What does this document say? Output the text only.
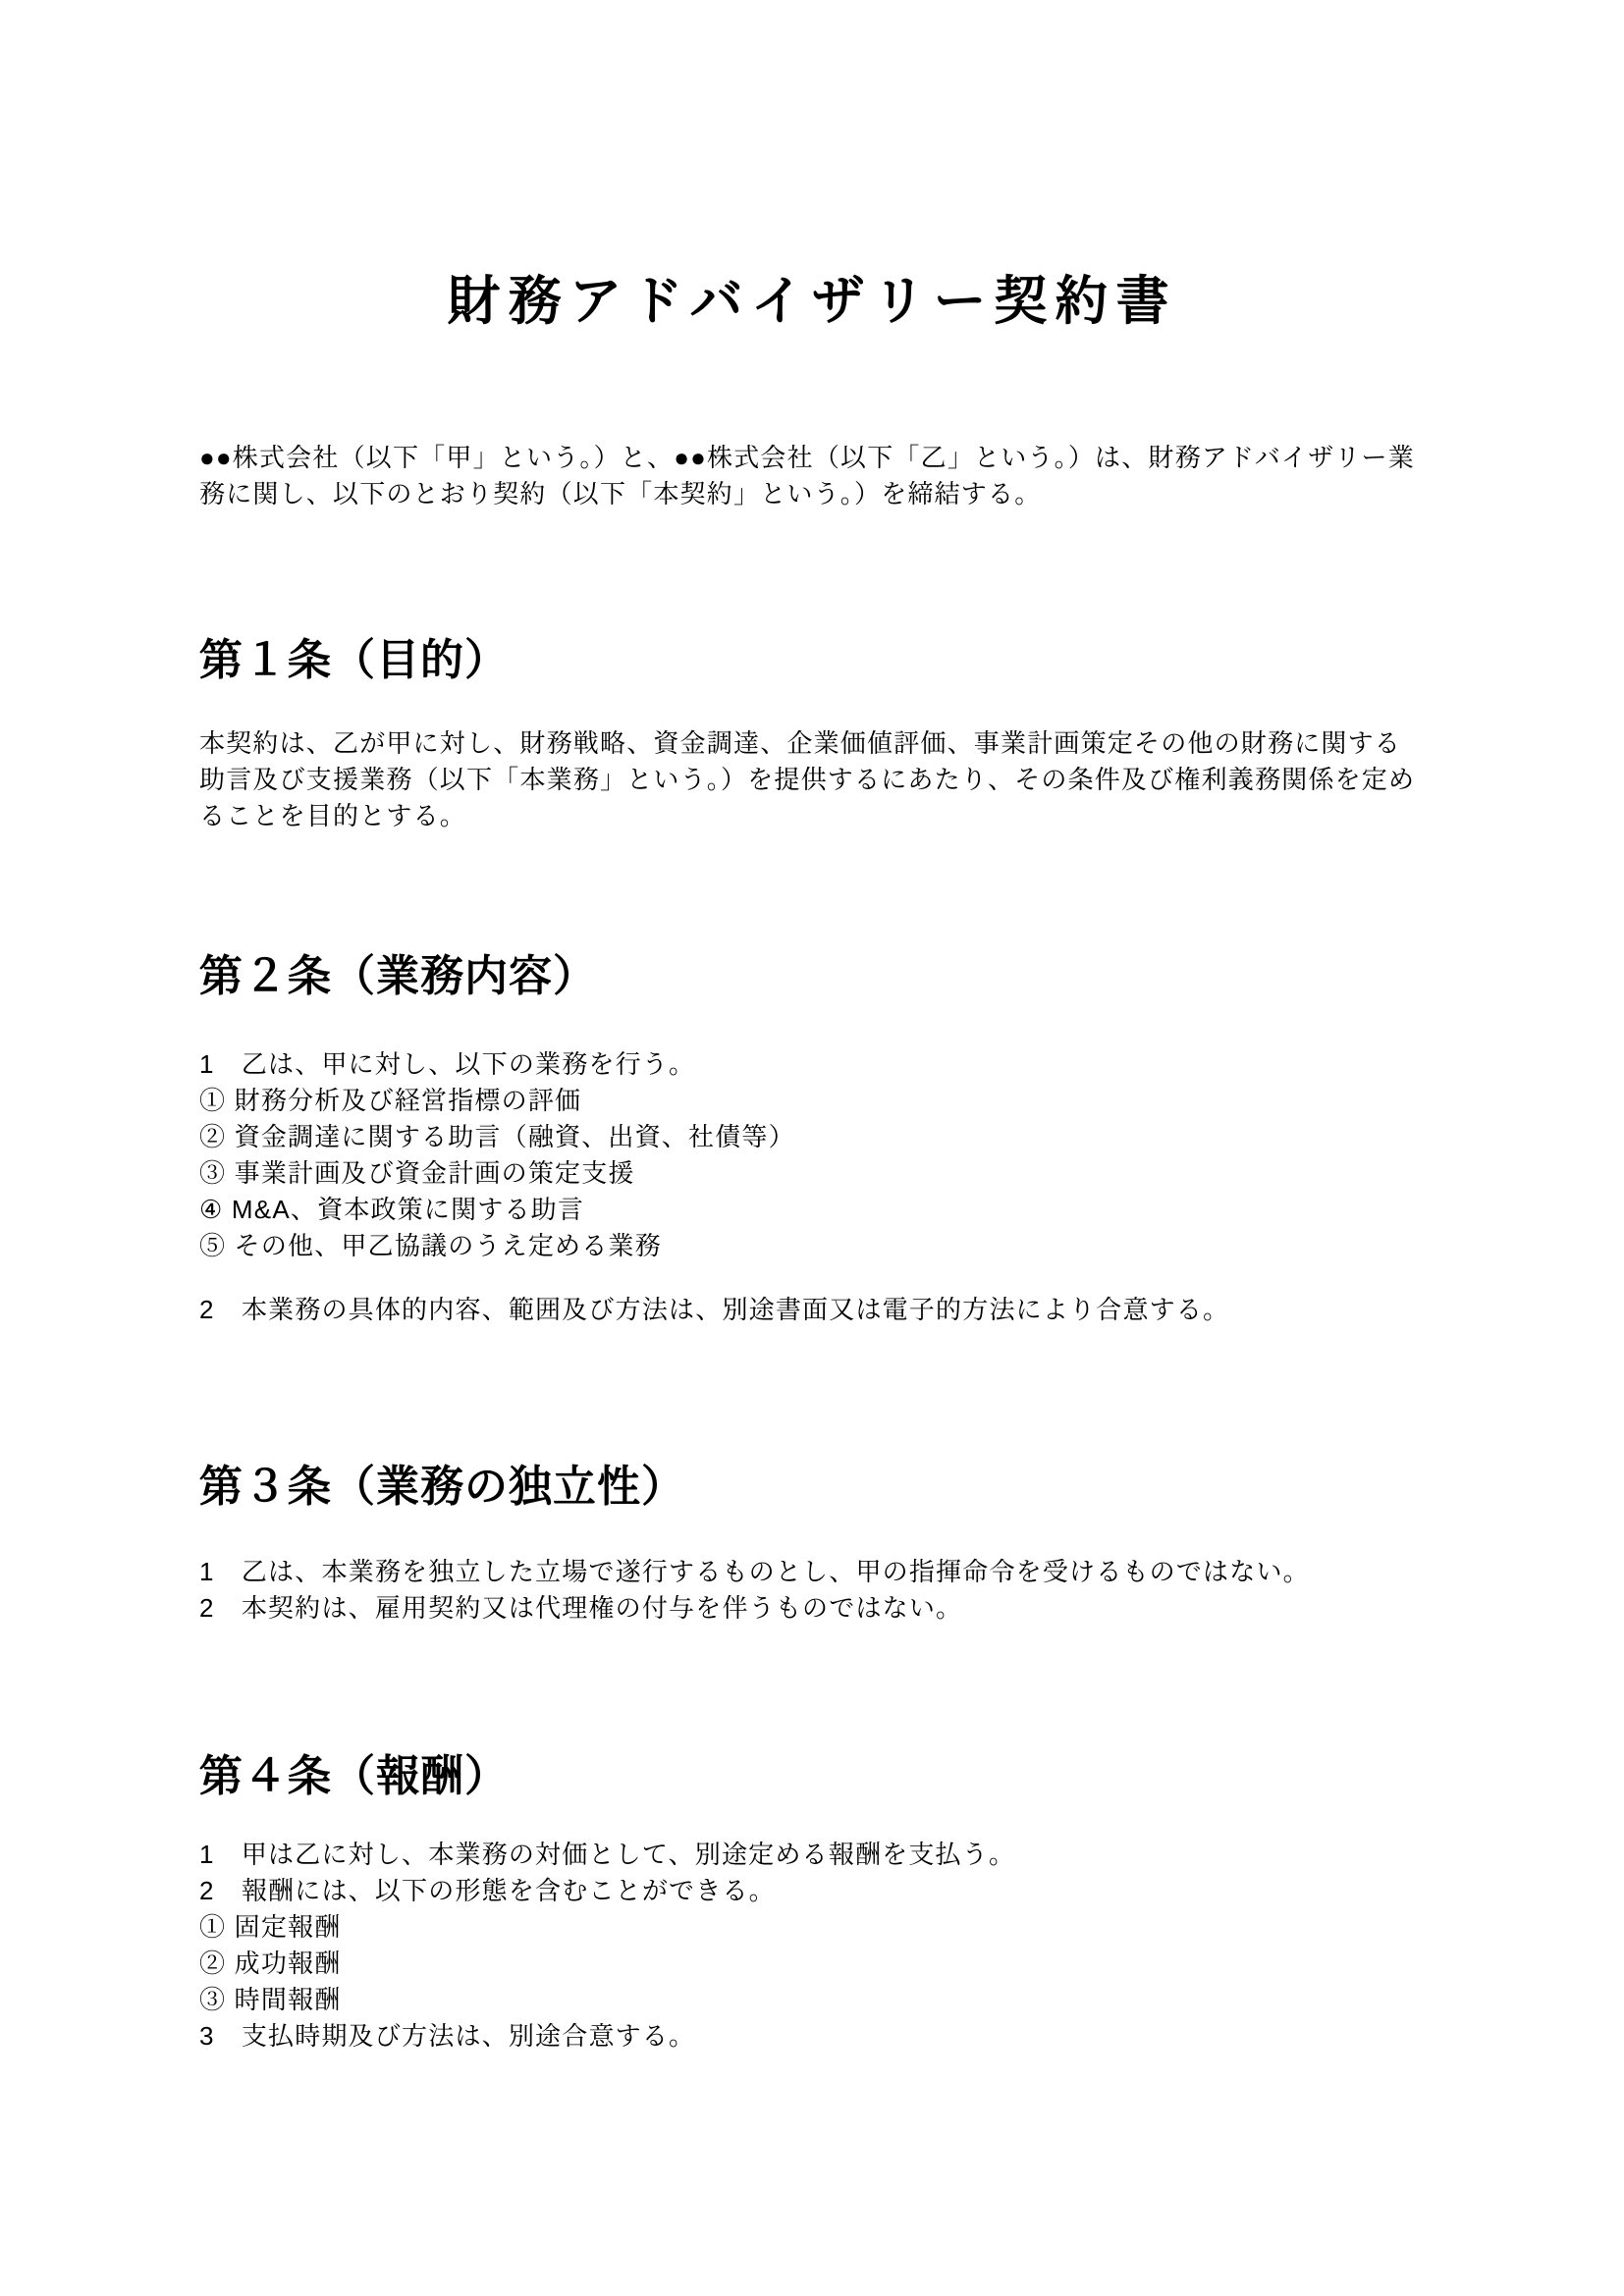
財務アドバイザリー契約書

●●株式会社（以下「甲」という。）と、●●株式会社（以下「乙」という。）は、財務アドバイザリー業務に関し、以下のとおり契約（以下「本契約」という。）を締結する。

第１条（目的）

本契約は、乙が甲に対し、財務戦略、資金調達、企業価値評価、事業計画策定その他の財務に関する助言及び支援業務（以下「本業務」という。）を提供するにあたり、その条件及び権利義務関係を定めることを目的とする。

第２条（業務内容）

1　乙は、甲に対し、以下の業務を行う。

① 財務分析及び経営指標の評価

② 資金調達に関する助言（融資、出資、社債等）

③ 事業計画及び資金計画の策定支援

④ M&A、資本政策に関する助言

⑤ その他、甲乙協議のうえ定める業務

2　本業務の具体的内容、範囲及び方法は、別途書面又は電子的方法により合意する。

第３条（業務の独立性）

1　乙は、本業務を独立した立場で遂行するものとし、甲の指揮命令を受けるものではない。

2　本契約は、雇用契約又は代理権の付与を伴うものではない。

第４条（報酬）

1　甲は乙に対し、本業務の対価として、別途定める報酬を支払う。

2　報酬には、以下の形態を含むことができる。

① 固定報酬

② 成功報酬

③ 時間報酬

3　支払時期及び方法は、別途合意する。
